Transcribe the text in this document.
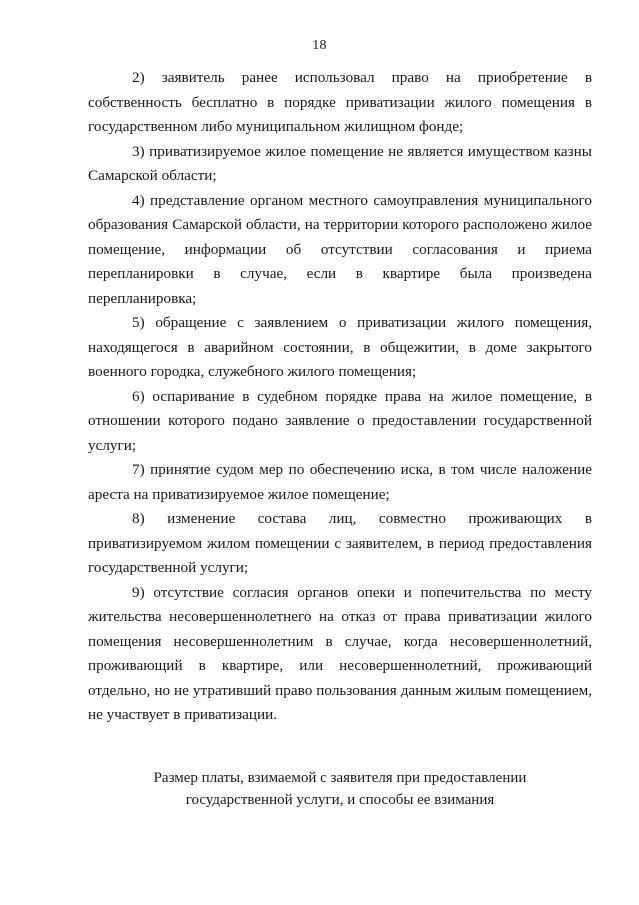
18

2) заявитель ранее использовал право на приобретение в собственность бесплатно в порядке приватизации жилого помещения в государственном либо муниципальном жилищном фонде;

3) приватизируемое жилое помещение не является имуществом казны Самарской области;

4) представление органом местного самоуправления муниципального образования Самарской области, на территории которого расположено жилое помещение, информации об отсутствии согласования и приема перепланировки в случае, если в квартире была произведена перепланировка;

5) обращение с заявлением о приватизации жилого помещения, находящегося в аварийном состоянии, в общежитии, в доме закрытого военного городка, служебного жилого помещения;

6) оспаривание в судебном порядке права на жилое помещение, в отношении которого подано заявление о предоставлении государственной услуги;

7) принятие судом мер по обеспечению иска, в том числе наложение ареста на приватизируемое жилое помещение;

8) изменение состава лиц, совместно проживающих в приватизируемом жилом помещении с заявителем, в период предоставления государственной услуги;

9) отсутствие согласия органов опеки и попечительства по месту жительства несовершеннолетнего на отказ от права приватизации жилого помещения несовершеннолетним в случае, когда несовершеннолетний, проживающий в квартире, или несовершеннолетний, проживающий отдельно, но не утративший право пользования данным жилым помещением, не участвует в приватизации.

Размер платы, взимаемой с заявителя при предоставлении
государственной услуги, и способы ее взимания
